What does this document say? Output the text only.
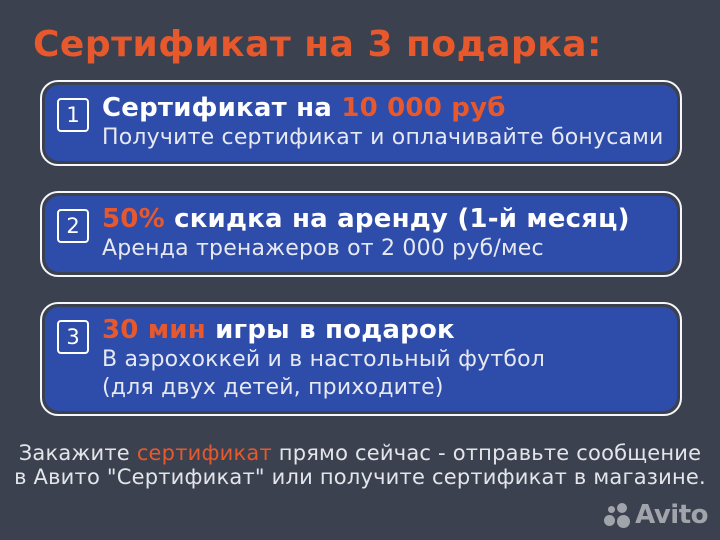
Сертификат на 3 подарка:
1 Сертификат на 10 000 руб
Получите сертификат и оплачивайте бонусами
2 50% скидка на аренду (1-й месяц)
Аренда тренажеров от 2 000 руб/мес
3 30 мин игры в подарок
В аэрохоккей и в настольный футбол
(для двух детей, приходите)
Закажите сертификат прямо сейчас - отправьте сообщение
в Авито "Сертификат" или получите сертификат в магазине.
Avito
